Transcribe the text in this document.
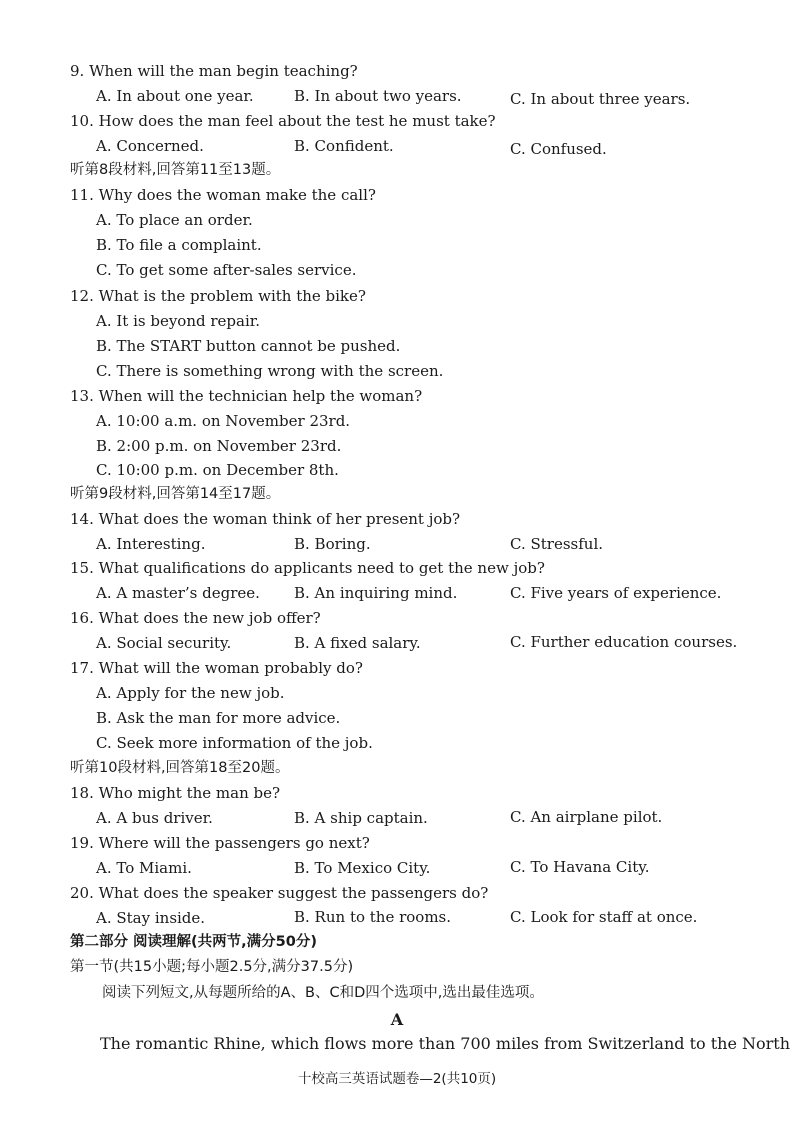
9. When will the man begin teaching?
A. In about one year.	B. In about two years.	C. In about three years.
10. How does the man feel about the test he must take?
A. Concerned.	B. Confident.	C. Confused.
听第8段材料,回答第11至13题。
11. Why does the woman make the call?
A. To place an order.
B. To file a complaint.
C. To get some after-sales service.
12. What is the problem with the bike?
A. It is beyond repair.
B. The START button cannot be pushed.
C. There is something wrong with the screen.
13. When will the technician help the woman?
A. 10:00 a.m. on November 23rd.
B. 2:00 p.m. on November 23rd.
C. 10:00 p.m. on December 8th.
听第9段材料,回答第14至17题。
14. What does the woman think of her present job?
A. Interesting.	B. Boring.	C. Stressful.
15. What qualifications do applicants need to get the new job?
A. A master’s degree. B. An inquiring mind.	C. Five years of experience.
16. What does the new job offer?
A. Social security.	B. A fixed salary.	C. Further education courses.
17. What will the woman probably do?
A. Apply for the new job.
B. Ask the man for more advice.
C. Seek more information of the job.
听第10段材料,回答第18至20题。
18. Who might the man be?
A. A bus driver.	B. A ship captain.	C. An airplane pilot.
19. Where will the passengers go next?
A. To Miami.	B. To Mexico City.	C. To Havana City.
20. What does the speaker suggest the passengers do?
A. Stay inside.	B. Run to the rooms.	C. Look for staff at once.
第二部分 阅读理解(共两节,满分50分)
第一节(共15小题;每小题2.5分,满分37.5分)
阅读下列短文,从每题所给的A、B、C和D四个选项中,选出最佳选项。
A
The romantic Rhine, which flows more than 700 miles from Switzerland to the North
十校高三英语试题卷—2(共10页)
